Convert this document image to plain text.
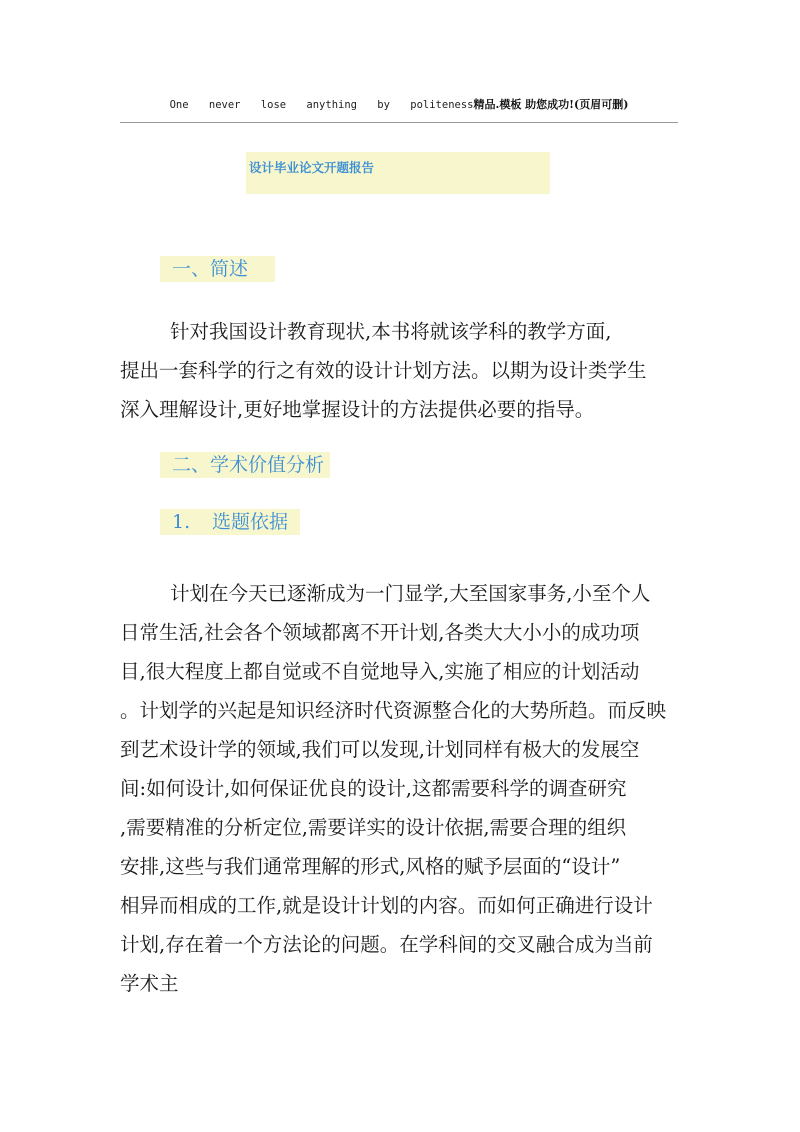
One never lose anything by politeness精品.模板 助您成功!(页眉可删)
设计毕业论文开题报告
一、简述
针对我国设计教育现状,本书将就该学科的教学方面,
提出一套科学的行之有效的设计计划方法。以期为设计类学生
深入理解设计,更好地掌握设计的方法提供必要的指导。
二、学术价值分析
1. 选题依据
计划在今天已逐渐成为一门显学,大至国家事务,小至个人
日常生活,社会各个领域都离不开计划,各类大大小小的成功项
目,很大程度上都自觉或不自觉地导入,实施了相应的计划活动
。计划学的兴起是知识经济时代资源整合化的大势所趋。而反映
到艺术设计学的领域,我们可以发现,计划同样有极大的发展空
间:如何设计,如何保证优良的设计,这都需要科学的调查研究
,需要精准的分析定位,需要详实的设计依据,需要合理的组织
安排,这些与我们通常理解的形式,风格的赋予层面的“设计”
相异而相成的工作,就是设计计划的内容。而如何正确进行设计
计划,存在着一个方法论的问题。在学科间的交叉融合成为当前
学术主
